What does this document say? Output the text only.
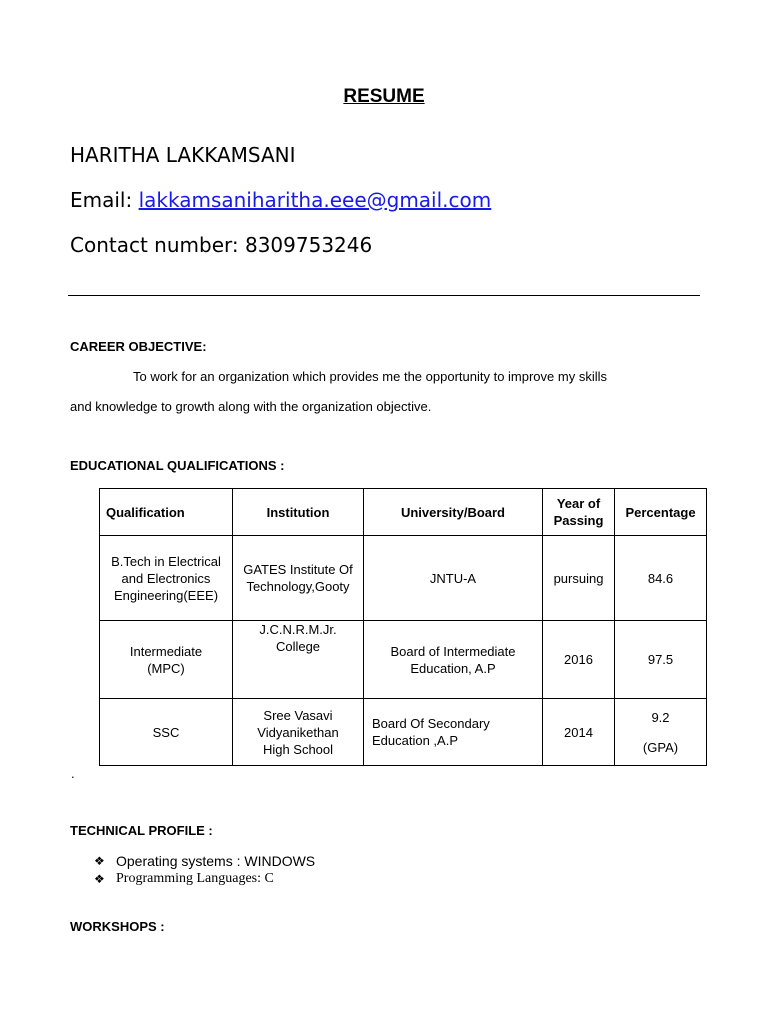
RESUME
HARITHA LAKKAMSANI
Email: lakkamsaniharitha.eee@gmail.com
Contact number: 8309753246
CAREER OBJECTIVE:
To work for an organization which provides me the opportunity to improve my skills
and knowledge to growth along with the organization objective.
EDUCATIONAL QUALIFICATIONS :
Qualification	Institution	University/Board	Year of Passing	Percentage
B.Tech in Electrical and Electronics Engineering(EEE)	GATES Institute Of Technology,Gooty	JNTU-A	pursuing	84.6
Intermediate (MPC)	J.C.N.R.M.Jr. College	Board of Intermediate Education, A.P	2016	97.5
SSC	Sree Vasavi Vidyanikethan High School	Board Of Secondary Education ,A.P	2014	9.2
(GPA)
.
TECHNICAL PROFILE :
❖ Operating systems : WINDOWS
❖ Programming Languages: C
WORKSHOPS :
